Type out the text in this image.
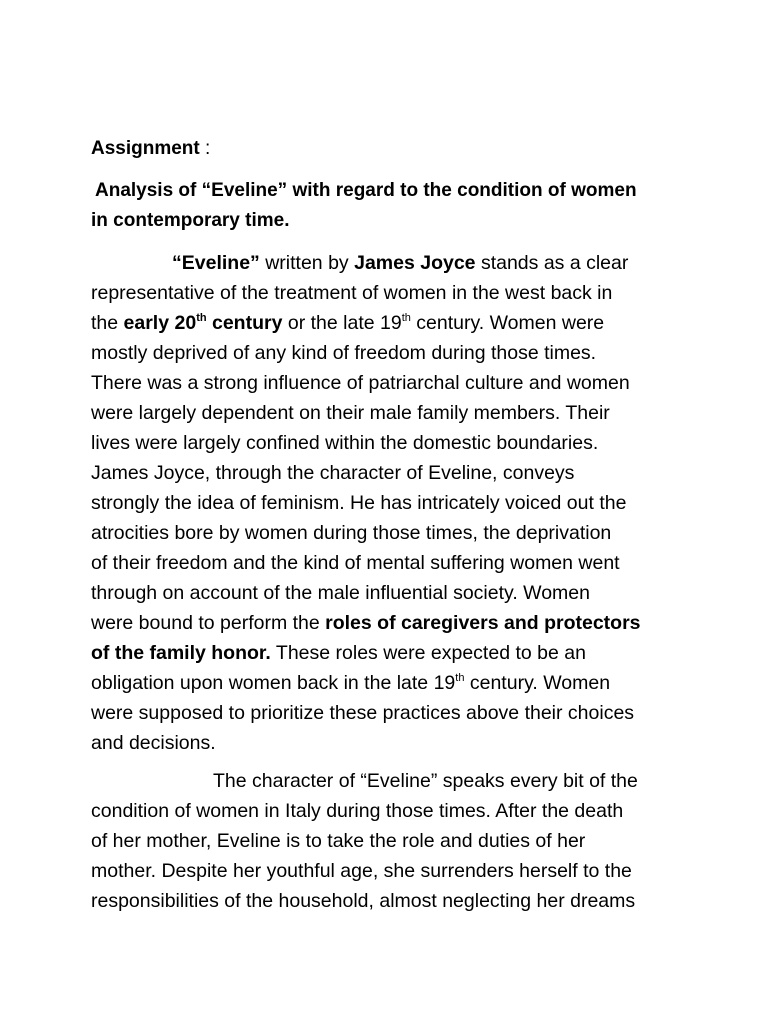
Assignment :

Analysis of “Eveline” with regard to the condition of women

in contemporary time.

“Eveline” written by James Joyce stands as a clear
representative of the treatment of women in the west back in
the early 20th century or the late 19th century. Women were
mostly deprived of any kind of freedom during those times.
There was a strong influence of patriarchal culture and women
were largely dependent on their male family members. Their
lives were largely confined within the domestic boundaries.
James Joyce, through the character of Eveline, conveys
strongly the idea of feminism. He has intricately voiced out the
atrocities bore by women during those times, the deprivation
of their freedom and the kind of mental suffering women went
through on account of the male influential society. Women
were bound to perform the roles of caregivers and protectors
of the family honor. These roles were expected to be an
obligation upon women back in the late 19th century. Women
were supposed to prioritize these practices above their choices
and decisions.
The character of “Eveline” speaks every bit of the
condition of women in Italy during those times. After the death
of her mother, Eveline is to take the role and duties of her
mother. Despite her youthful age, she surrenders herself to the
responsibilities of the household, almost neglecting her dreams
